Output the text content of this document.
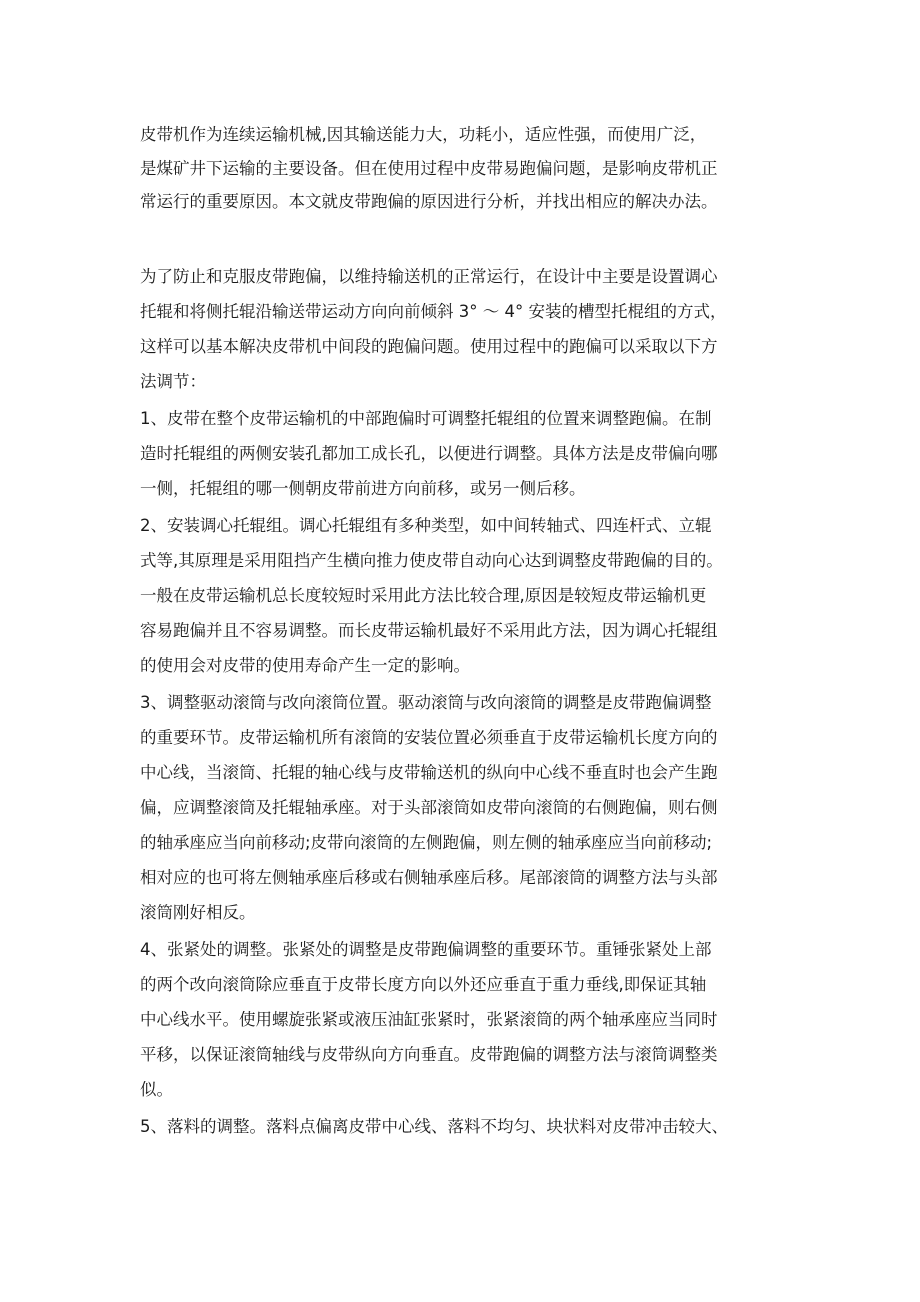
皮带机作为连续运输机械,因其输送能力大，功耗小，适应性强，而使用广泛，
是煤矿井下运输的主要设备。但在使用过程中皮带易跑偏问题，是影响皮带机正
常运行的重要原因。本文就皮带跑偏的原因进行分析，并找出相应的解决办法。
为了防止和克服皮带跑偏，以维持输送机的正常运行，在设计中主要是设置调心
托辊和将侧托辊沿输送带运动方向向前倾斜 3° ～ 4° 安装的槽型托棍组的方式，
这样可以基本解决皮带机中间段的跑偏问题。使用过程中的跑偏可以采取以下方
法调节：
1、皮带在整个皮带运输机的中部跑偏时可调整托辊组的位置来调整跑偏。在制
造时托辊组的两侧安装孔都加工成长孔，以便进行调整。具体方法是皮带偏向哪
一侧，托辊组的哪一侧朝皮带前进方向前移，或另一侧后移。
2、安装调心托辊组。调心托辊组有多种类型，如中间转轴式、四连杆式、立辊
式等,其原理是采用阻挡产生横向推力使皮带自动向心达到调整皮带跑偏的目的。
一般在皮带运输机总长度较短时采用此方法比较合理,原因是较短皮带运输机更
容易跑偏并且不容易调整。而长皮带运输机最好不采用此方法，因为调心托辊组
的使用会对皮带的使用寿命产生一定的影响。
3、调整驱动滚筒与改向滚筒位置。驱动滚筒与改向滚筒的调整是皮带跑偏调整
的重要环节。皮带运输机所有滚筒的安装位置必须垂直于皮带运输机长度方向的
中心线，当滚筒、托辊的轴心线与皮带输送机的纵向中心线不垂直时也会产生跑
偏，应调整滚筒及托辊轴承座。对于头部滚筒如皮带向滚筒的右侧跑偏，则右侧
的轴承座应当向前移动;皮带向滚筒的左侧跑偏，则左侧的轴承座应当向前移动;
相对应的也可将左侧轴承座后移或右侧轴承座后移。尾部滚筒的调整方法与头部
滚筒刚好相反。
4、张紧处的调整。张紧处的调整是皮带跑偏调整的重要环节。重锤张紧处上部
的两个改向滚筒除应垂直于皮带长度方向以外还应垂直于重力垂线,即保证其轴
中心线水平。使用螺旋张紧或液压油缸张紧时，张紧滚筒的两个轴承座应当同时
平移，以保证滚筒轴线与皮带纵向方向垂直。皮带跑偏的调整方法与滚筒调整类
似。
5、落料的调整。落料点偏离皮带中心线、落料不均匀、块状料对皮带冲击较大、
